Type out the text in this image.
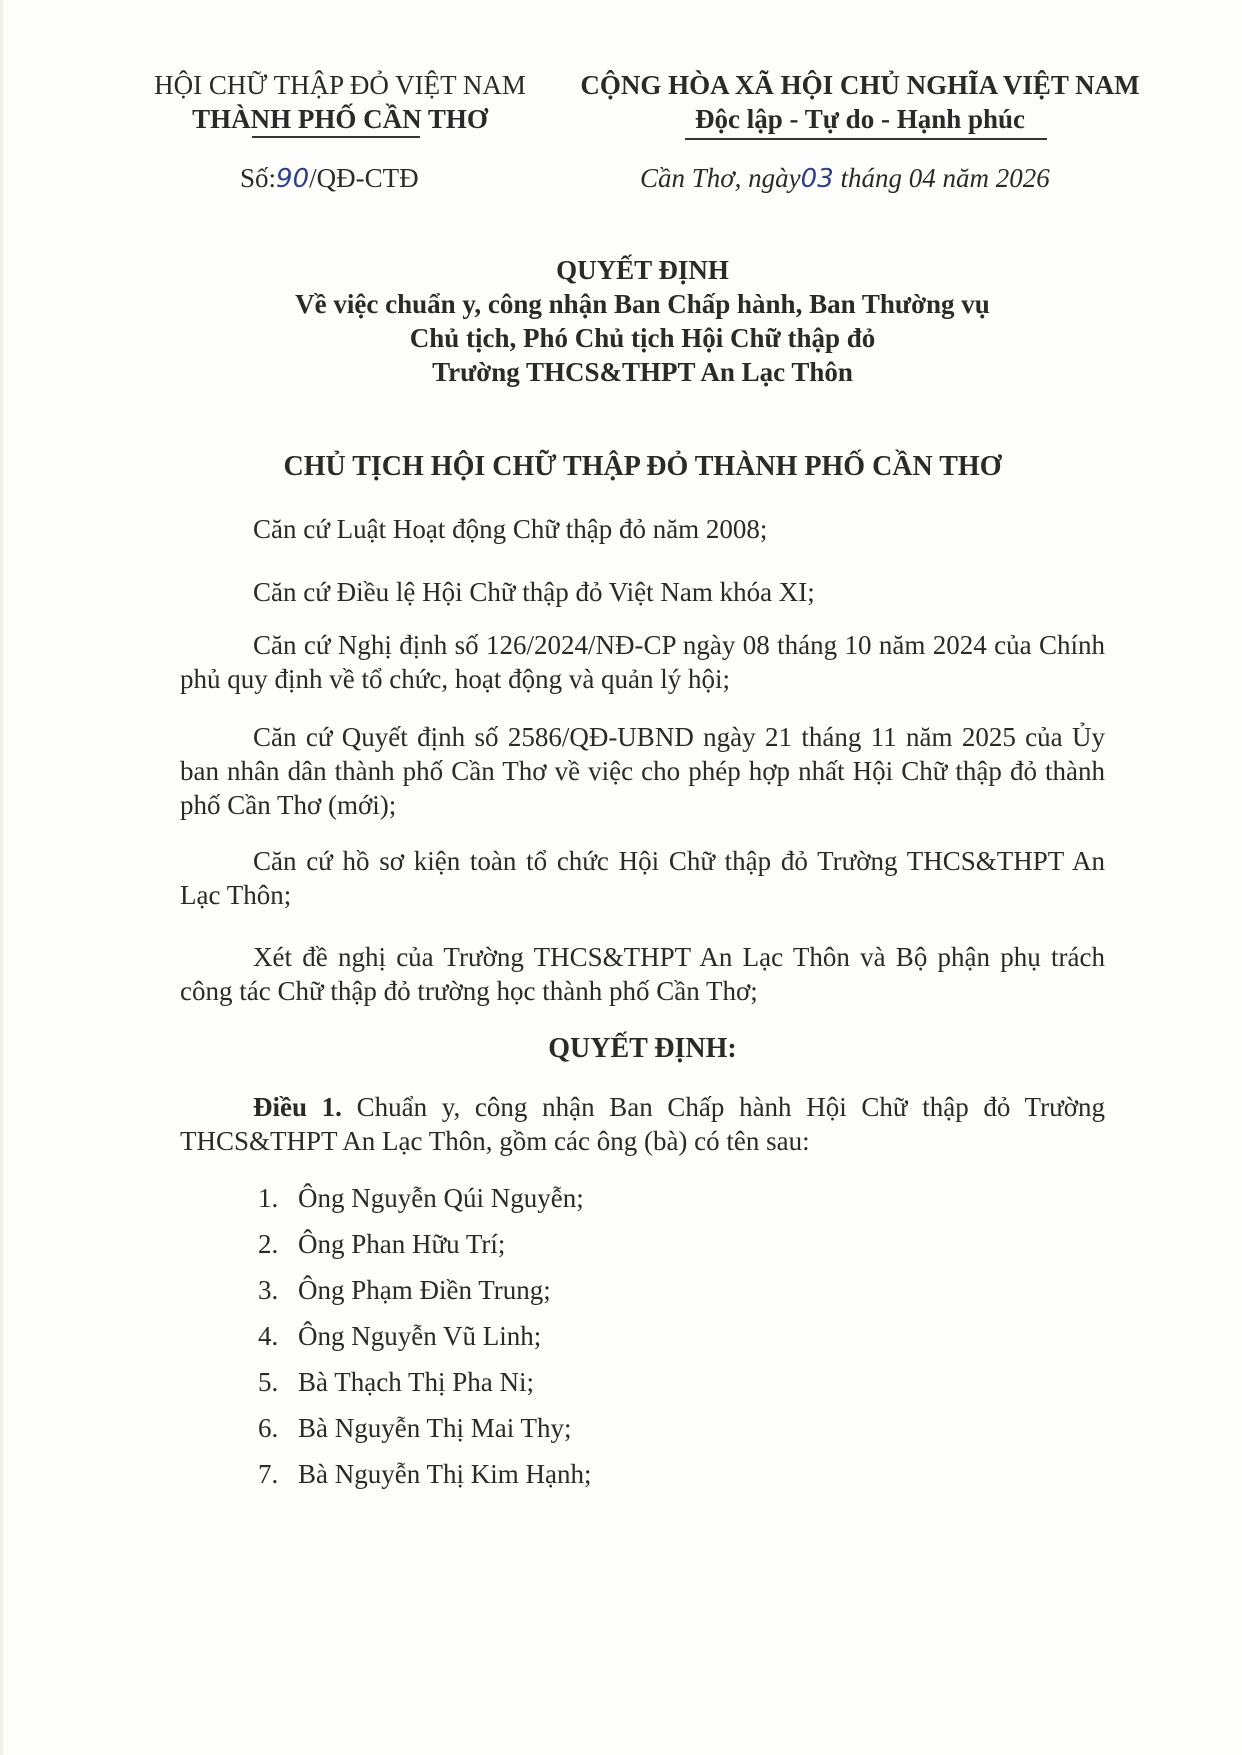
HỘI CHỮ THẬP ĐỎ VIỆT NAM
THÀNH PHỐ CẦN THƠ
CỘNG HÒA XÃ HỘI CHỦ NGHĨA VIỆT NAM
Độc lập - Tự do - Hạnh phúc
Số:90/QĐ-CTĐ	Cần Thơ, ngày03 tháng 04 năm 2026
QUYẾT ĐỊNH
Về việc chuẩn y, công nhận Ban Chấp hành, Ban Thường vụ
Chủ tịch, Phó Chủ tịch Hội Chữ thập đỏ
Trường THCS&THPT An Lạc Thôn
CHỦ TỊCH HỘI CHỮ THẬP ĐỎ THÀNH PHỐ CẦN THƠ
Căn cứ Luật Hoạt động Chữ thập đỏ năm 2008;
Căn cứ Điều lệ Hội Chữ thập đỏ Việt Nam khóa XI;
Căn cứ Nghị định số 126/2024/NĐ-CP ngày 08 tháng 10 năm 2024 của Chính phủ quy định về tổ chức, hoạt động và quản lý hội;
Căn cứ Quyết định số 2586/QĐ-UBND ngày 21 tháng 11 năm 2025 của Ủy ban nhân dân thành phố Cần Thơ về việc cho phép hợp nhất Hội Chữ thập đỏ thành phố Cần Thơ (mới);
Căn cứ hồ sơ kiện toàn tổ chức Hội Chữ thập đỏ Trường THCS&THPT An Lạc Thôn;
Xét đề nghị của Trường THCS&THPT An Lạc Thôn và Bộ phận phụ trách công tác Chữ thập đỏ trường học thành phố Cần Thơ;
QUYẾT ĐỊNH:
Điều 1. Chuẩn y, công nhận Ban Chấp hành Hội Chữ thập đỏ Trường THCS&THPT An Lạc Thôn, gồm các ông (bà) có tên sau:
1. Ông Nguyễn Qúi Nguyễn;
2. Ông Phan Hữu Trí;
3. Ông Phạm Điền Trung;
4. Ông Nguyễn Vũ Linh;
5. Bà Thạch Thị Pha Ni;
6. Bà Nguyễn Thị Mai Thy;
7. Bà Nguyễn Thị Kim Hạnh;
